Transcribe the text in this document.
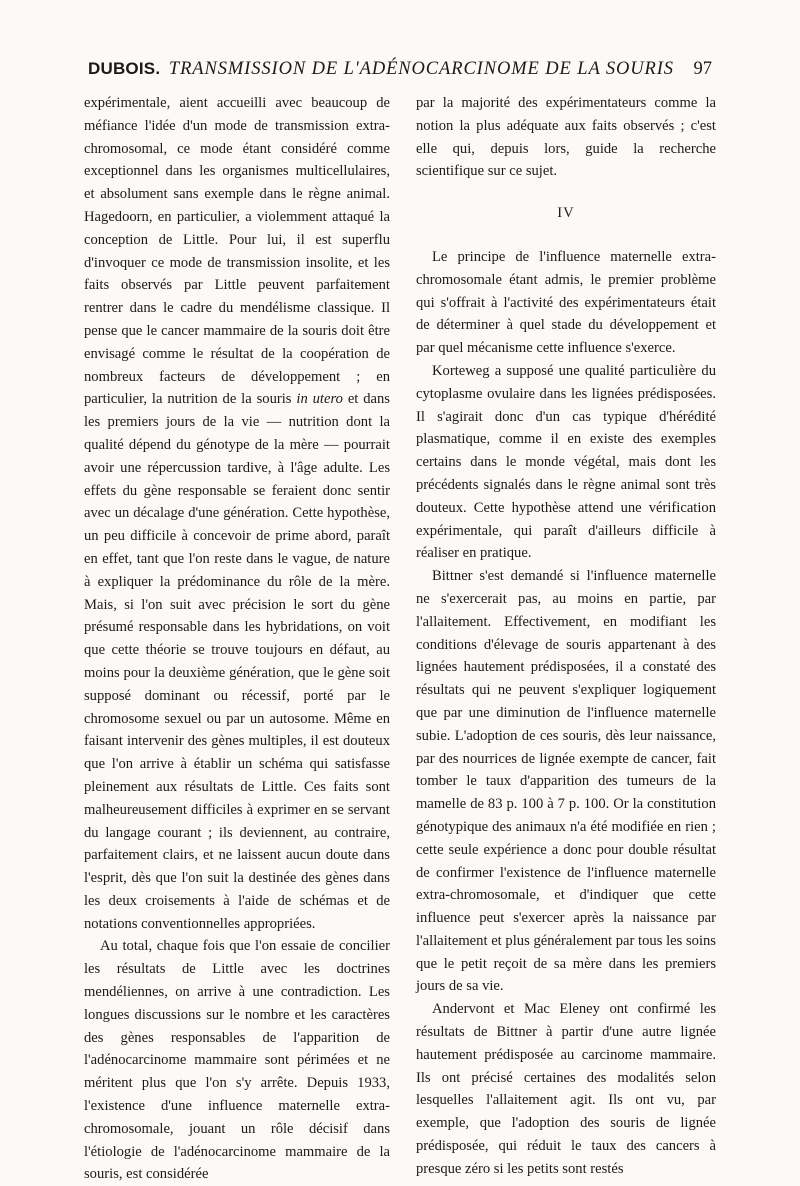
DUBOIS. TRANSMISSION DE L'ADÉNOCARCINOME DE LA SOURIS 97

expérimentale, aient accueilli avec beaucoup de méfiance l'idée d'un mode de transmission extra-chromosomal, ce mode étant considéré comme exceptionnel dans les organismes multicellulaires, et absolument sans exemple dans le règne animal. Hagedoorn, en particulier, a violemment attaqué la conception de Little. Pour lui, il est superflu d'invoquer ce mode de transmission insolite, et les faits observés par Little peuvent parfaitement rentrer dans le cadre du mendélisme classique. Il pense que le cancer mammaire de la souris doit être envisagé comme le résultat de la coopération de nombreux facteurs de développement ; en particulier, la nutrition de la souris in utero et dans les premiers jours de la vie — nutrition dont la qualité dépend du génotype de la mère — pourrait avoir une répercussion tardive, à l'âge adulte. Les effets du gène responsable se feraient donc sentir avec un décalage d'une génération. Cette hypothèse, un peu difficile à concevoir de prime abord, paraît en effet, tant que l'on reste dans le vague, de nature à expliquer la prédominance du rôle de la mère. Mais, si l'on suit avec précision le sort du gène présumé responsable dans les hybridations, on voit que cette théorie se trouve toujours en défaut, au moins pour la deuxième génération, que le gène soit supposé dominant ou récessif, porté par le chromosome sexuel ou par un autosome. Même en faisant intervenir des gènes multiples, il est douteux que l'on arrive à établir un schéma qui satisfasse pleinement aux résultats de Little. Ces faits sont malheureusement difficiles à exprimer en se servant du langage courant ; ils deviennent, au contraire, parfaitement clairs, et ne laissent aucun doute dans l'esprit, dès que l'on suit la destinée des gènes dans les deux croisements à l'aide de schémas et de notations conventionnelles appropriées.

Au total, chaque fois que l'on essaie de concilier les résultats de Little avec les doctrines mendéliennes, on arrive à une contradiction. Les longues discussions sur le nombre et les caractères des gènes responsables de l'apparition de l'adénocarcinome mammaire sont périmées et ne méritent plus que l'on s'y arrête. Depuis 1933, l'existence d'une influence maternelle extra-chromosomale, jouant un rôle décisif dans l'étiologie de l'adénocarcinome mammaire de la souris, est considérée

par la majorité des expérimentateurs comme la notion la plus adéquate aux faits observés ; c'est elle qui, depuis lors, guide la recherche scientifique sur ce sujet.

IV

Le principe de l'influence maternelle extra-chromosomale étant admis, le premier problème qui s'offrait à l'activité des expérimentateurs était de déterminer à quel stade du développement et par quel mécanisme cette influence s'exerce.

Korteweg a supposé une qualité particulière du cytoplasme ovulaire dans les lignées prédisposées. Il s'agirait donc d'un cas typique d'hérédité plasmatique, comme il en existe des exemples certains dans le monde végétal, mais dont les précédents signalés dans le règne animal sont très douteux. Cette hypothèse attend une vérification expérimentale, qui paraît d'ailleurs difficile à réaliser en pratique.

Bittner s'est demandé si l'influence maternelle ne s'exercerait pas, au moins en partie, par l'allaitement. Effectivement, en modifiant les conditions d'élevage de souris appartenant à des lignées hautement prédisposées, il a constaté des résultats qui ne peuvent s'expliquer logiquement que par une diminution de l'influence maternelle subie. L'adoption de ces souris, dès leur naissance, par des nourrices de lignée exempte de cancer, fait tomber le taux d'apparition des tumeurs de la mamelle de 83 p. 100 à 7 p. 100. Or la constitution génotypique des animaux n'a été modifiée en rien ; cette seule expérience a donc pour double résultat de confirmer l'existence de l'influence maternelle extra-chromosomale, et d'indiquer que cette influence peut s'exercer après la naissance par l'allaitement et plus généralement par tous les soins que le petit reçoit de sa mère dans les premiers jours de sa vie.

Andervont et Mac Eleney ont confirmé les résultats de Bittner à partir d'une autre lignée hautement prédisposée au carcinome mammaire. Ils ont précisé certaines des modalités selon lesquelles l'allaitement agit. Ils ont vu, par exemple, que l'adoption des souris de lignée prédisposée, qui réduit le taux des cancers à presque zéro si les petits sont restés
